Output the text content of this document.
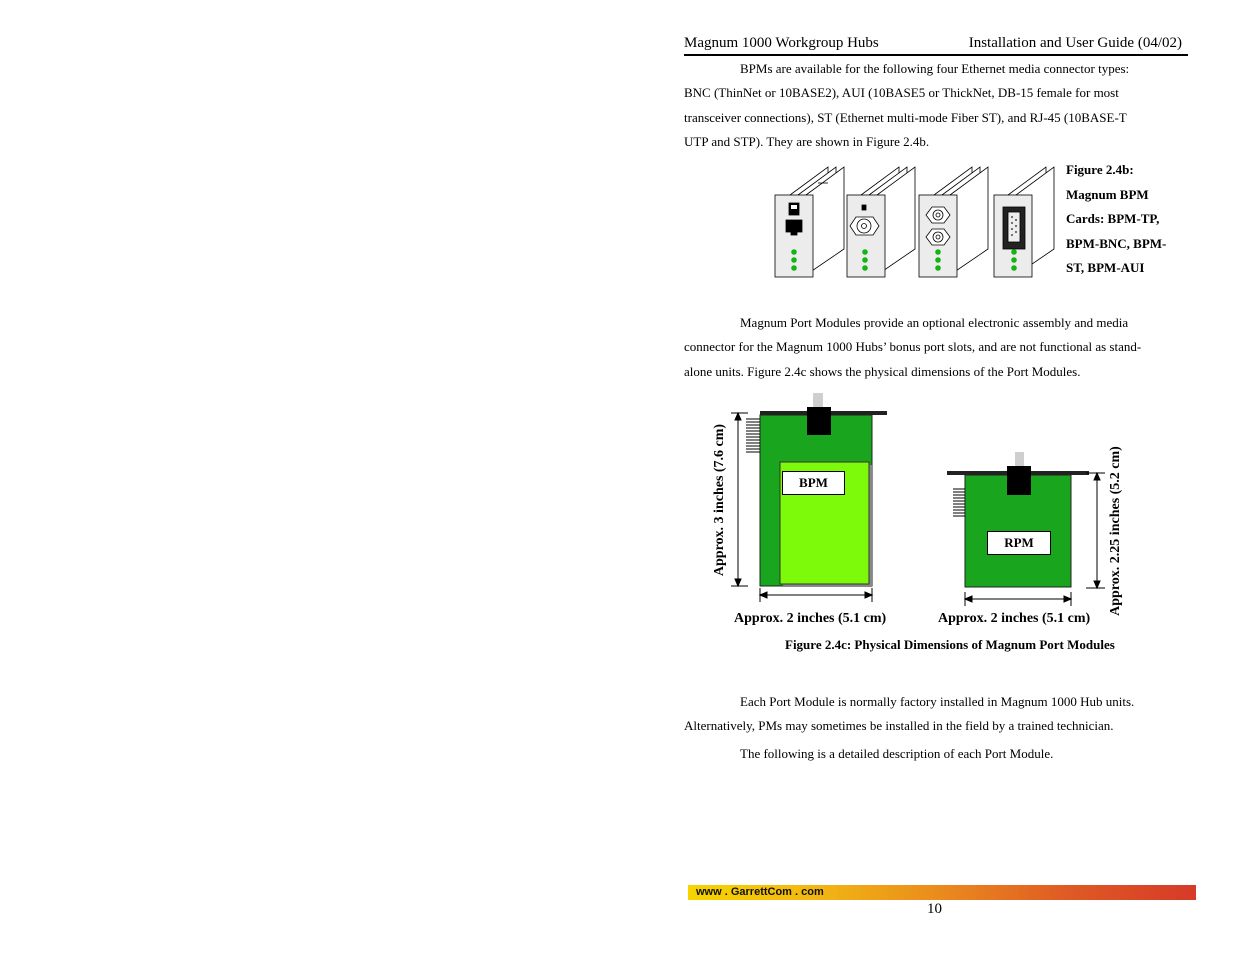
Magnum 1000 Workgroup Hubs	Installation and User Guide (04/02)
BPMs are available for the following four Ethernet media connector types:
BNC (ThinNet or 10BASE2), AUI (10BASE5 or ThickNet, DB-15 female for most
transceiver connections), ST (Ethernet multi-mode Fiber ST), and RJ-45 (10BASE-T
UTP and STP). They are shown in Figure 2.4b.
Figure 2.4b:
Magnum BPM
Cards: BPM-TP,
BPM-BNC, BPM-
ST, BPM-AUI
Magnum Port Modules provide an optional electronic assembly and media
connector for the Magnum 1000 Hubs’ bonus port slots, and are not functional as stand-
alone units. Figure 2.4c shows the physical dimensions of the Port Modules.
BPM
RPM
Approx. 3 inches (7.6 cm)	Approx. 2.25 inches (5.2 cm)
Approx. 2 inches (5.1 cm)	Approx. 2 inches (5.1 cm)
Figure 2.4c: Physical Dimensions of Magnum Port Modules
Each Port Module is normally factory installed in Magnum 1000 Hub units.
Alternatively, PMs may sometimes be installed in the field by a trained technician.
The following is a detailed description of each Port Module.
www . GarrettCom . com
10
